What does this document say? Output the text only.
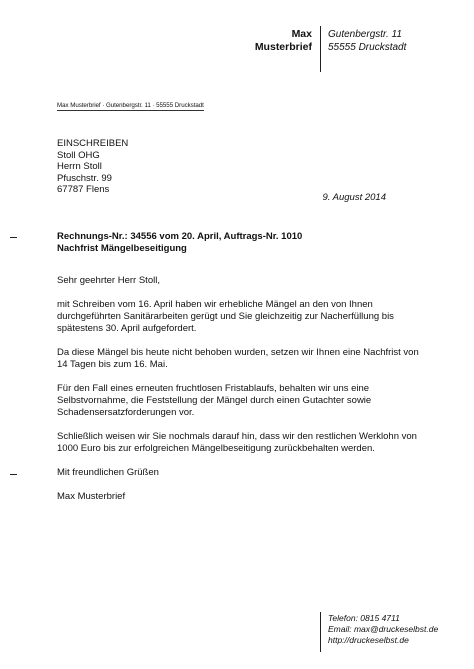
Max
Musterbrief
Gutenbergstr. 11
55555 Druckstadt
Max Musterbrief · Gutenbergstr. 11 · 55555 Druckstadt
EINSCHREIBEN
Stoll OHG
Herrn Stoll
Pfuschstr. 99
67787 Flens
9. August 2014
Rechnungs-Nr.: 34556 vom 20. April, Auftrags-Nr. 1010
Nachfrist Mängelbeseitigung

Sehr geehrter Herr Stoll,

mit Schreiben vom 16. April haben wir erhebliche Mängel an den von Ihnen durchgeführten Sanitärarbeiten gerügt und Sie gleichzeitig zur Nacherfüllung bis spätestens 30. April aufgefordert.

Da diese Mängel bis heute nicht behoben wurden, setzen wir Ihnen eine Nachfrist von 14 Tagen bis zum 16. Mai.

Für den Fall eines erneuten fruchtlosen Fristablaufs, behalten wir uns eine Selbstvornahme, die Feststellung der Mängel durch einen Gutachter sowie Schadensersatzforderungen vor.

Schließlich weisen wir Sie nochmals darauf hin, dass wir den restlichen Werklohn von 1000 Euro bis zur erfolgreichen Mängelbeseitigung zurückbehalten werden.

Mit freundlichen Grüßen

Max Musterbrief
Telefon: 0815 4711
Email: max@druckeselbst.de
http://druckeselbst.de
